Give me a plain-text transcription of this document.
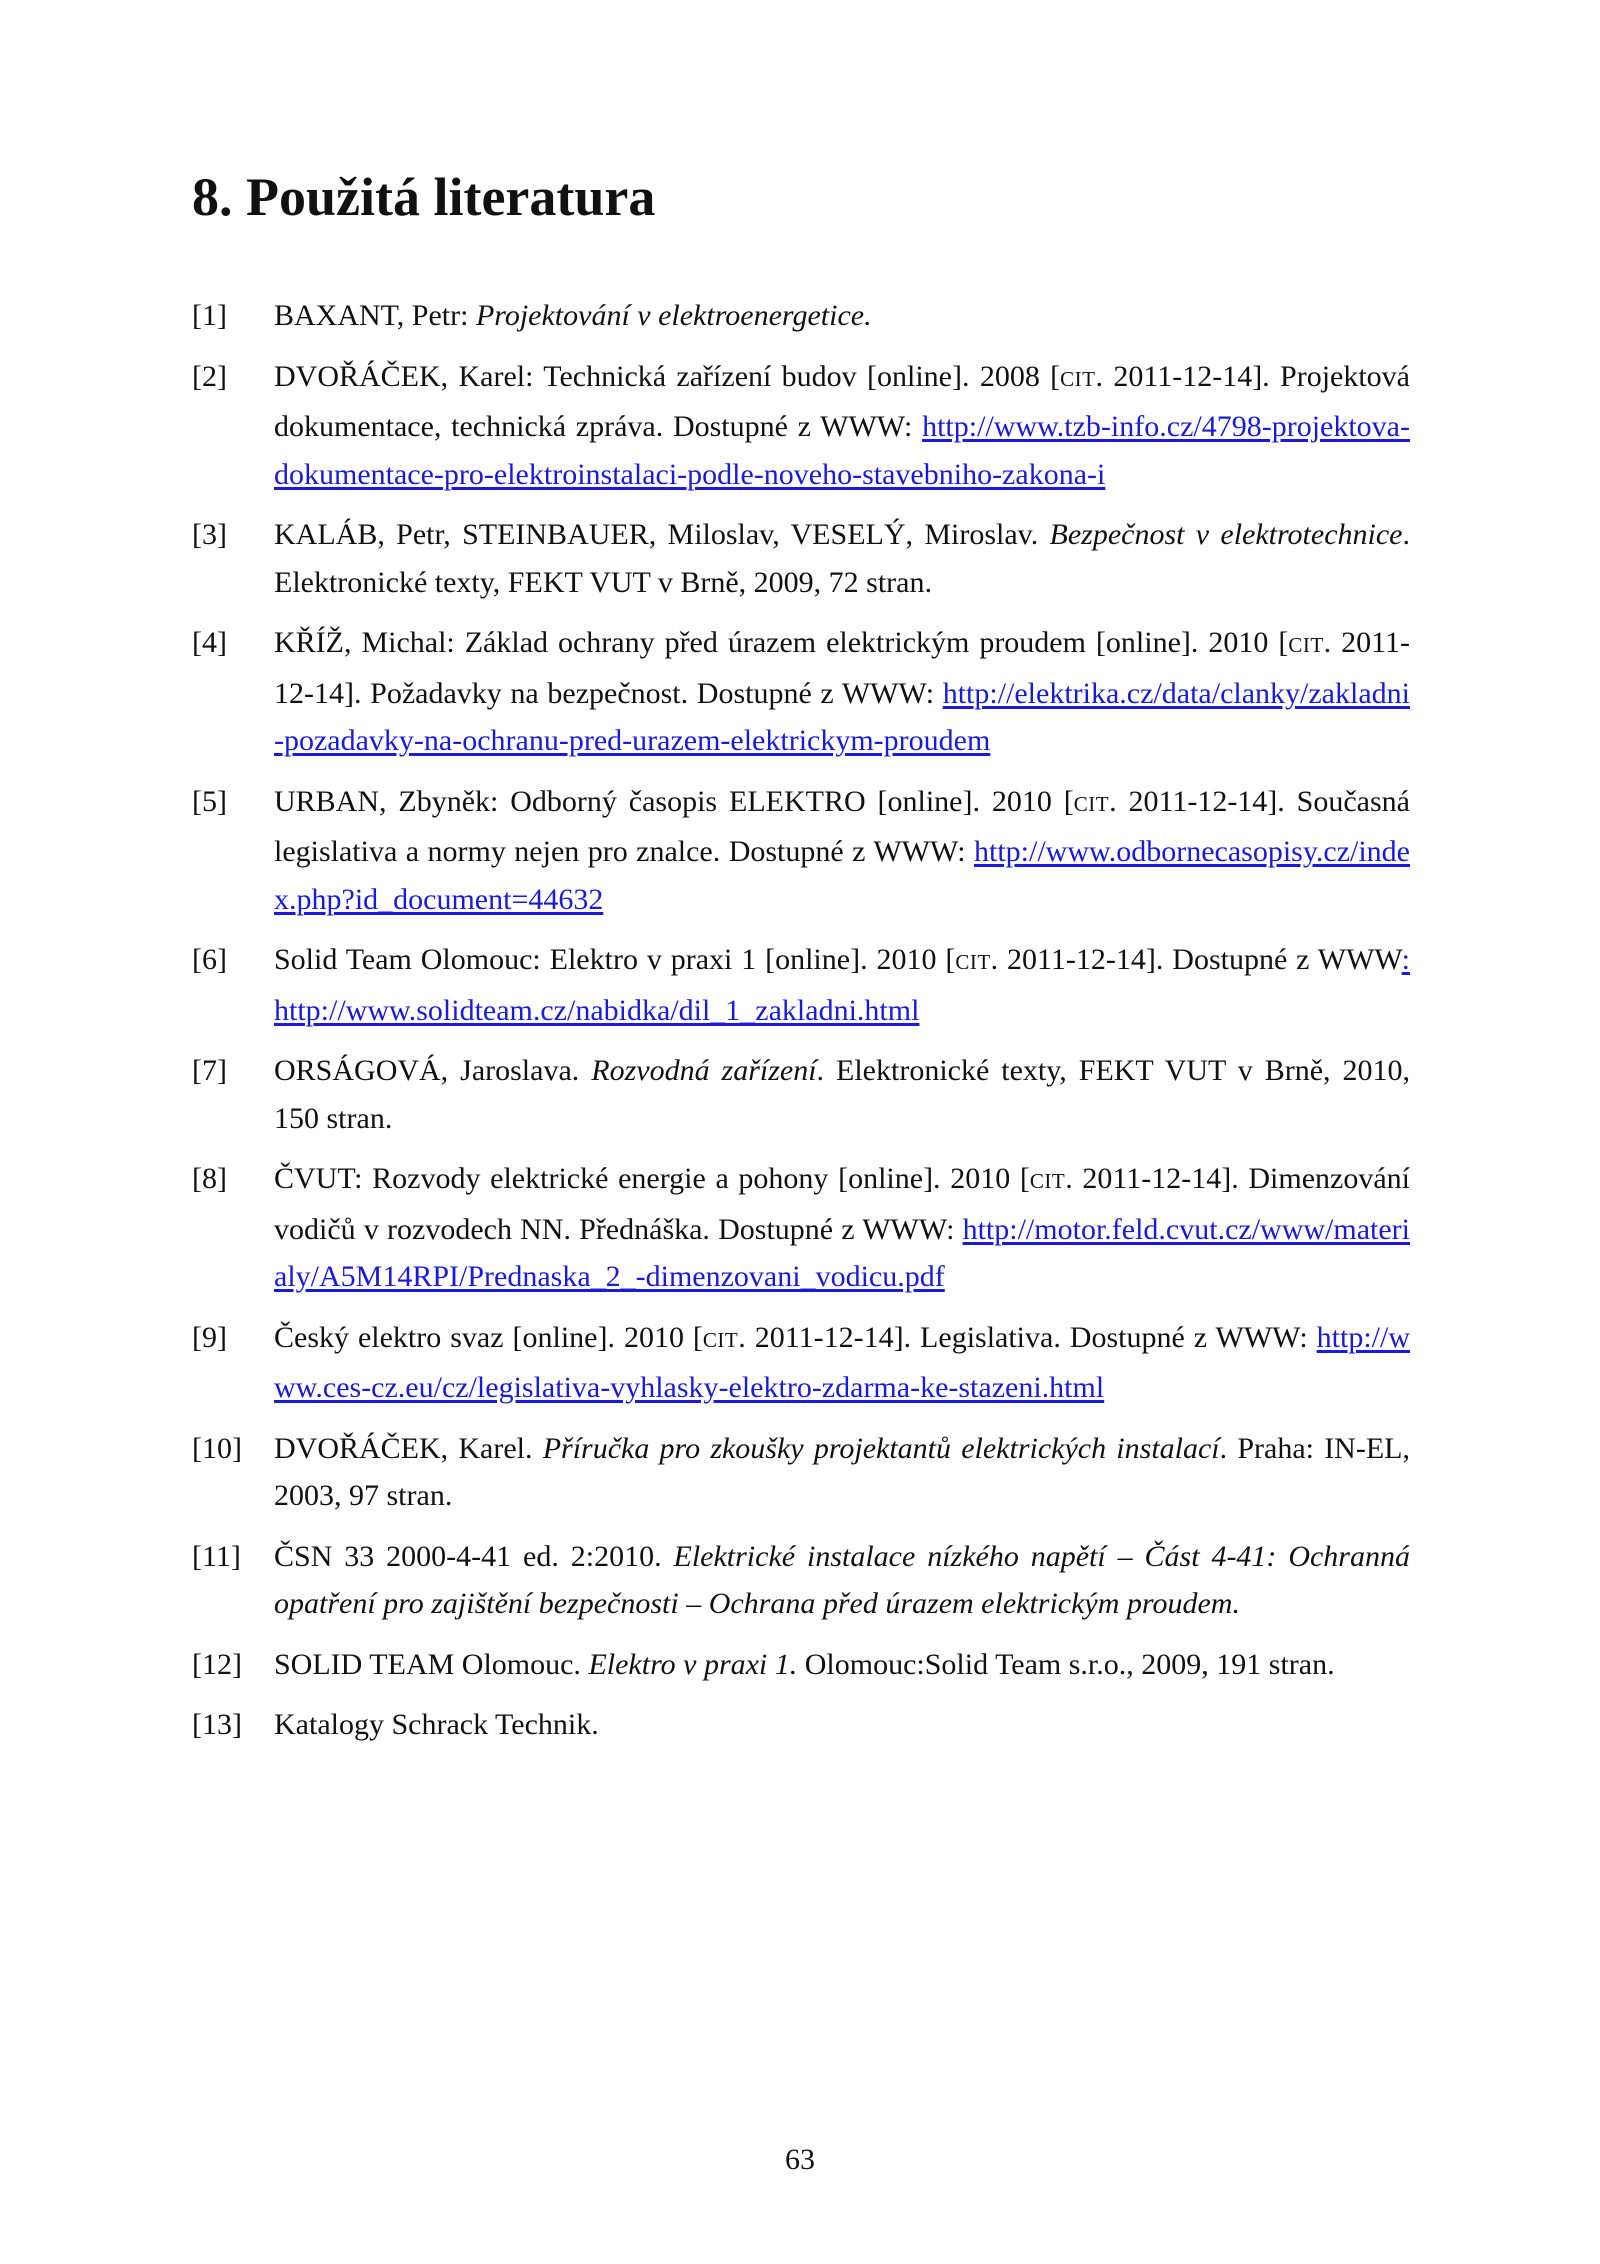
8. Použitá literatura
[1] BAXANT, Petr: Projektování v elektroenergetice.
[2] DVOŘÁČEK, Karel: Technická zařízení budov [online]. 2008 [CIT. 2011-12-14]. Projektová dokumentace, technická zpráva. Dostupné z WWW: http://www.tzb-info.cz/4798-projektova-dokumentace-pro-elektroinstalaci-podle-noveho-stavebniho-zakona-i
[3] KALÁB, Petr, STEINBAUER, Miloslav, VESELÝ, Miroslav. Bezpečnost v elektrotechnice. Elektronické texty, FEKT VUT v Brně, 2009, 72 stran.
[4] KŘÍŽ, Michal: Základ ochrany před úrazem elektrickým proudem [online]. 2010 [CIT. 2011-12-14]. Požadavky na bezpečnost. Dostupné z WWW: http://elektrika.cz/data/clanky/zakladni-pozadavky-na-ochranu-pred-urazem-elektrickym-proudem
[5] URBAN, Zbyněk: Odborný časopis ELEKTRO [online]. 2010 [CIT. 2011-12-14]. Současná legislativa a normy nejen pro znalce. Dostupné z WWW: http://www.odbornecasopisy.cz/index.php?id_document=44632
[6] Solid Team Olomouc: Elektro v praxi 1 [online]. 2010 [CIT. 2011-12-14]. Dostupné z WWW: http://www.solidteam.cz/nabidka/dil_1_zakladni.html
[7] ORSÁGOVÁ, Jaroslava. Rozvodná zařízení. Elektronické texty, FEKT VUT v Brně, 2010, 150 stran.
[8] ČVUT: Rozvody elektrické energie a pohony [online]. 2010 [CIT. 2011-12-14]. Dimenzování vodičů v rozvodech NN. Přednáška. Dostupné z WWW: http://motor.feld.cvut.cz/www/materialy/A5M14RPI/Prednaska_2_-dimenzovani_vodicu.pdf
[9] Český elektro svaz [online]. 2010 [CIT. 2011-12-14]. Legislativa. Dostupné z WWW: http://www.ces-cz.eu/cz/legislativa-vyhlasky-elektro-zdarma-ke-stazeni.html
[10] DVOŘÁČEK, Karel. Příručka pro zkoušky projektantů elektrických instalací. Praha: IN-EL, 2003, 97 stran.
[11] ČSN 33 2000-4-41 ed. 2:2010. Elektrické instalace nízkého napětí – Část 4-41: Ochranná opatření pro zajištění bezpečnosti – Ochrana před úrazem elektrickým proudem.
[12] SOLID TEAM Olomouc. Elektro v praxi 1. Olomouc:Solid Team s.r.o., 2009, 191 stran.
[13] Katalogy Schrack Technik.
63
